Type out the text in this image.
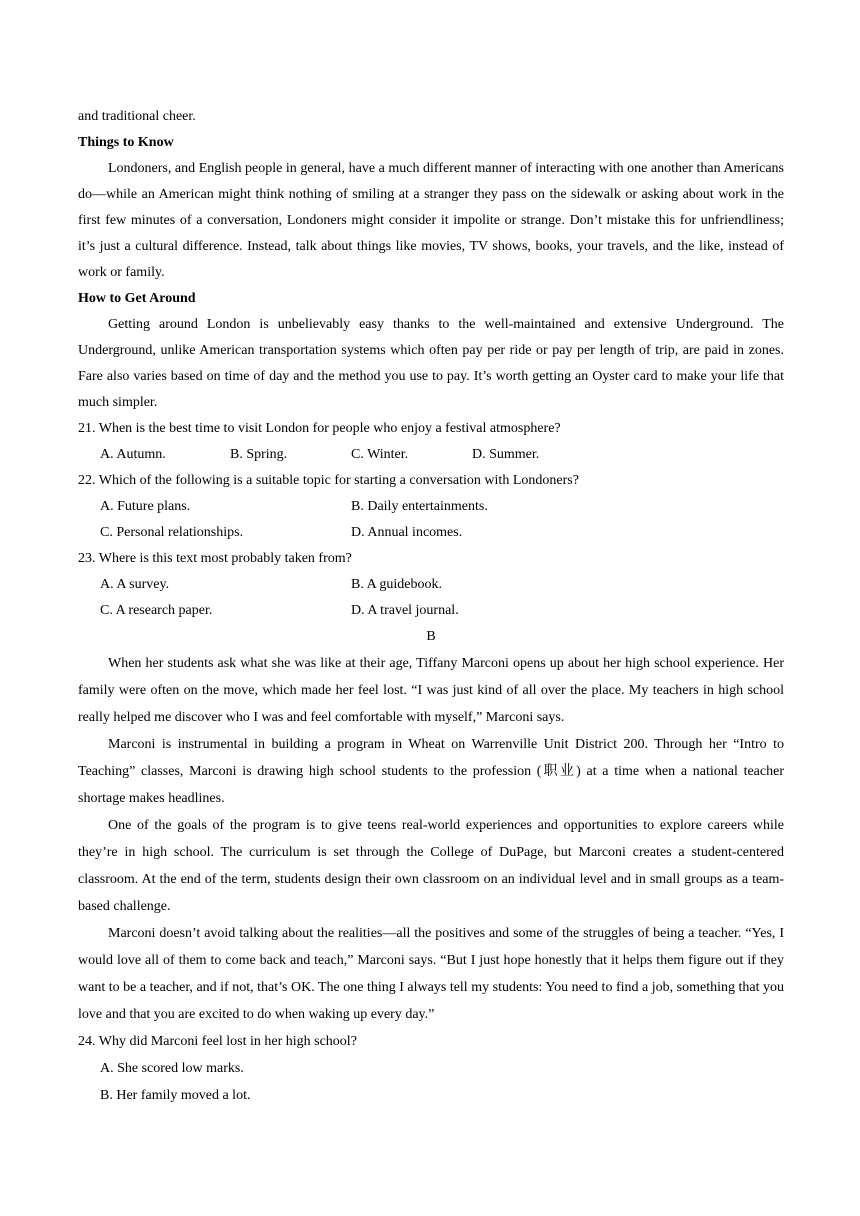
and traditional cheer.
Things to Know

Londoners, and English people in general, have a much different manner of interacting with one another than Americans do—while an American might think nothing of smiling at a stranger they pass on the sidewalk or asking about work in the first few minutes of a conversation, Londoners might consider it impolite or strange. Don’t mistake this for unfriendliness; it’s just a cultural difference. Instead, talk about things like movies, TV shows, books, your travels, and the like, instead of work or family.

How to Get Around

Getting around London is unbelievably easy thanks to the well-maintained and extensive Underground. The Underground, unlike American transportation systems which often pay per ride or pay per length of trip, are paid in zones. Fare also varies based on time of day and the method you use to pay. It’s worth getting an Oyster card to make your life that much simpler.

21. When is the best time to visit London for people who enjoy a festival atmosphere?
A. Autumn.	B. Spring.	C. Winter.	D. Summer.
22. Which of the following is a suitable topic for starting a conversation with Londoners?
A. Future plans.	B. Daily entertainments.
C. Personal relationships.	D. Annual incomes.
23. Where is this text most probably taken from?
A. A survey.	B. A guidebook.
C. A research paper.	D. A travel journal.
B

When her students ask what she was like at their age, Tiffany Marconi opens up about her high school experience. Her family were often on the move, which made her feel lost. “I was just kind of all over the place. My teachers in high school really helped me discover who I was and feel comfortable with myself,” Marconi says.

Marconi is instrumental in building a program in Wheat on Warrenville Unit District 200. Through her “Intro to Teaching” classes, Marconi is drawing high school students to the profession (职业) at a time when a national teacher shortage makes headlines.

One of the goals of the program is to give teens real-world experiences and opportunities to explore careers while they’re in high school. The curriculum is set through the College of DuPage, but Marconi creates a student-centered classroom. At the end of the term, students design their own classroom on an individual level and in small groups as a team-based challenge.

Marconi doesn’t avoid talking about the realities—all the positives and some of the struggles of being a teacher. “Yes, I would love all of them to come back and teach,” Marconi says. “But I just hope honestly that it helps them figure out if they want to be a teacher, and if not, that’s OK. The one thing I always tell my students: You need to find a job, something that you love and that you are excited to do when waking up every day.”

24. Why did Marconi feel lost in her high school?
A. She scored low marks.
B. Her family moved a lot.
